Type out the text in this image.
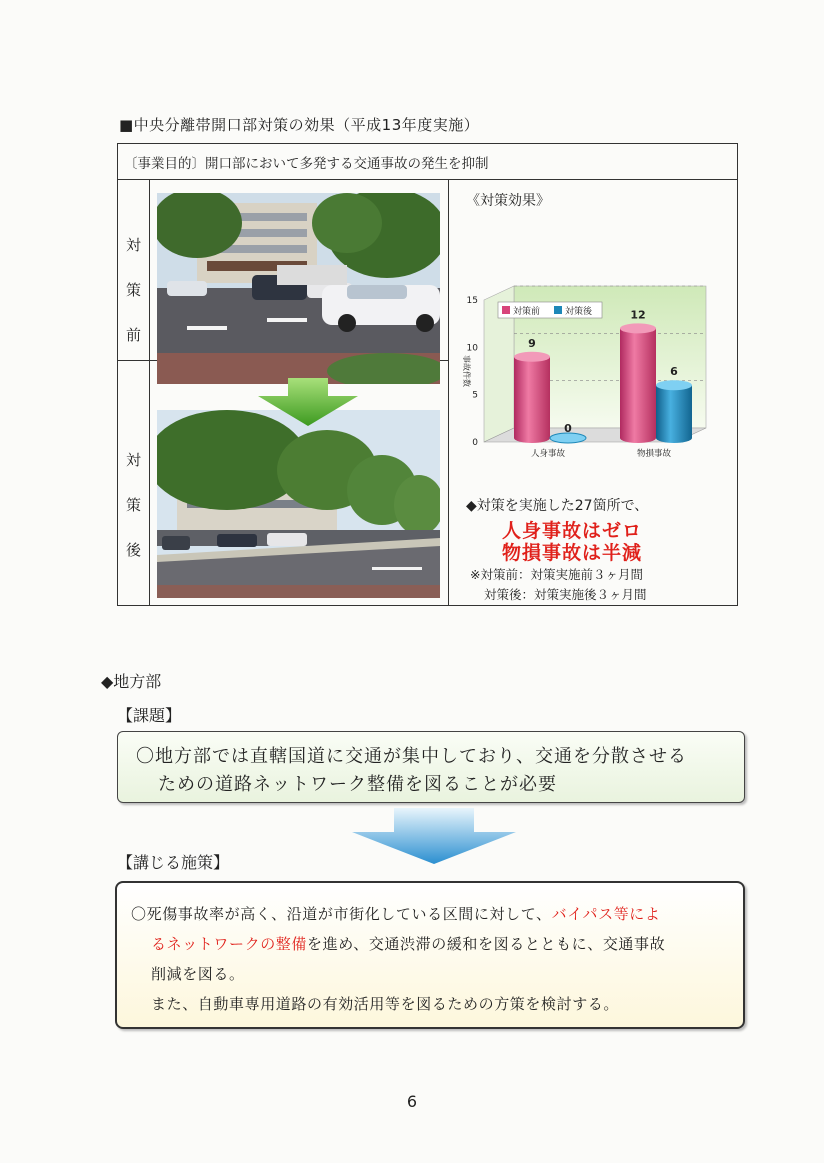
■中央分離帯開口部対策の効果（平成13年度実施）
〔事業目的〕開口部において多発する交通事故の発生を抑制
対
策
前
対
策
後
《対策効果》
0
5
10
15
事故件数
9
12
0
6
人身事故	物損事故
対策前	対策後
◆対策を実施した27箇所で、
人身事故はゼロ
物損事故は半減
※対策前：対策実施前３ヶ月間
対策後：対策実施後３ヶ月間
◆地方部
【課題】
〇地方部では直轄国道に交通が集中しており、交通を分散させる
ための道路ネットワーク整備を図ることが必要
【講じる施策】
〇死傷事故率が高く、沿道が市街化している区間に対して、バイパス等によ
るネットワークの整備を進め、交通渋滞の緩和を図るとともに、交通事故
削減を図る。
また、自動車専用道路の有効活用等を図るための方策を検討する。
6
